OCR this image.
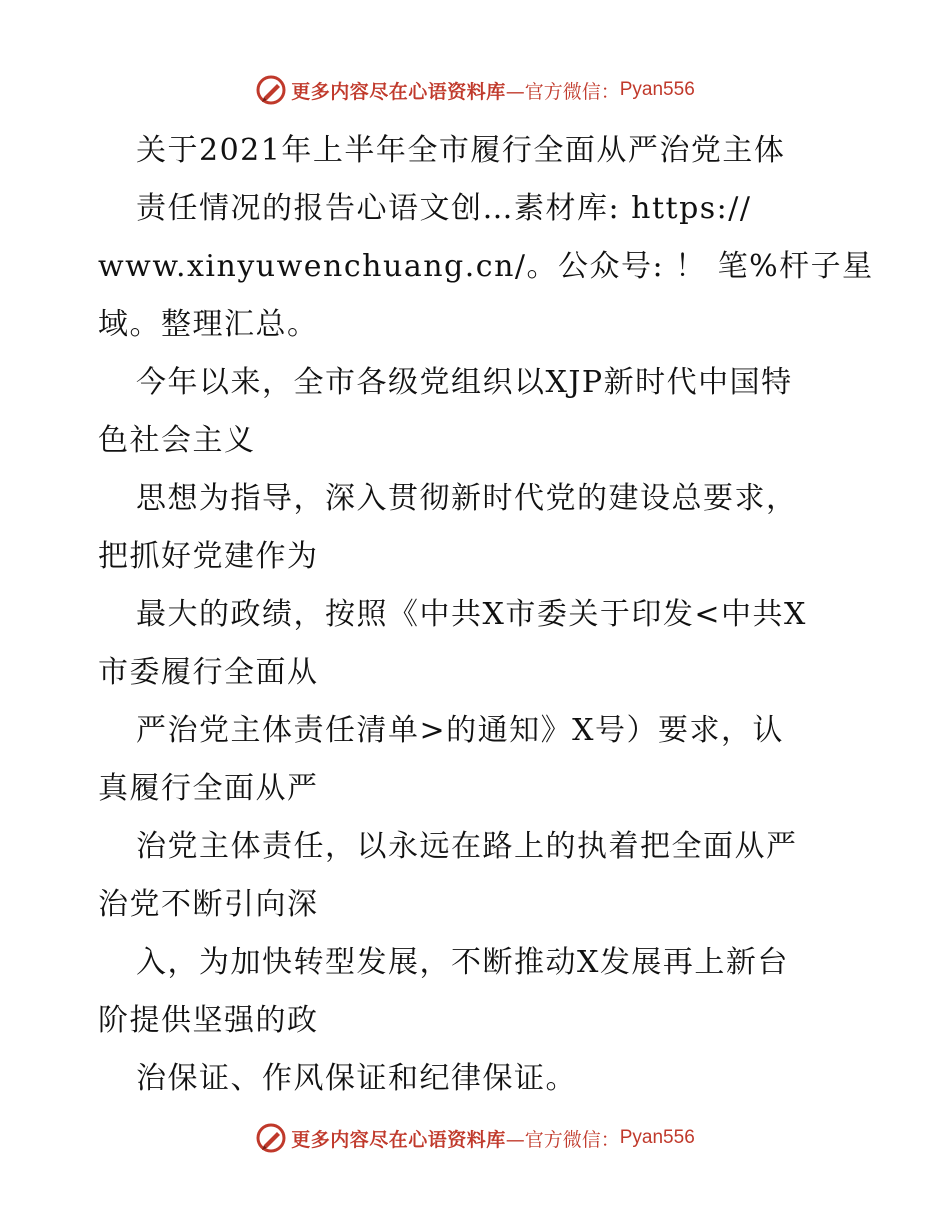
更多内容尽在心语资料库 —官方微信： Pyan556
关于2021年上半年全市履行全面从严治党主体
责任情况的报告心语文创…素材库: https://
www.xinyuwenchuang.cn/。公众号: ！ 笔%杆子星
域。整理汇总。
今年以来，全市各级党组织以XJP新时代中国特
色社会主义
思想为指导，深入贯彻新时代党的建设总要求，
把抓好党建作为
最大的政绩，按照《中共X市委关于印发<中共X
市委履行全面从
严治党主体责任清单>的通知》X号）要求，认
真履行全面从严
治党主体责任，以永远在路上的执着把全面从严
治党不断引向深
入，为加快转型发展，不断推动X发展再上新台
阶提供坚强的政
治保证、作风保证和纪律保证。
更多内容尽在心语资料库 —官方微信： Pyan556
